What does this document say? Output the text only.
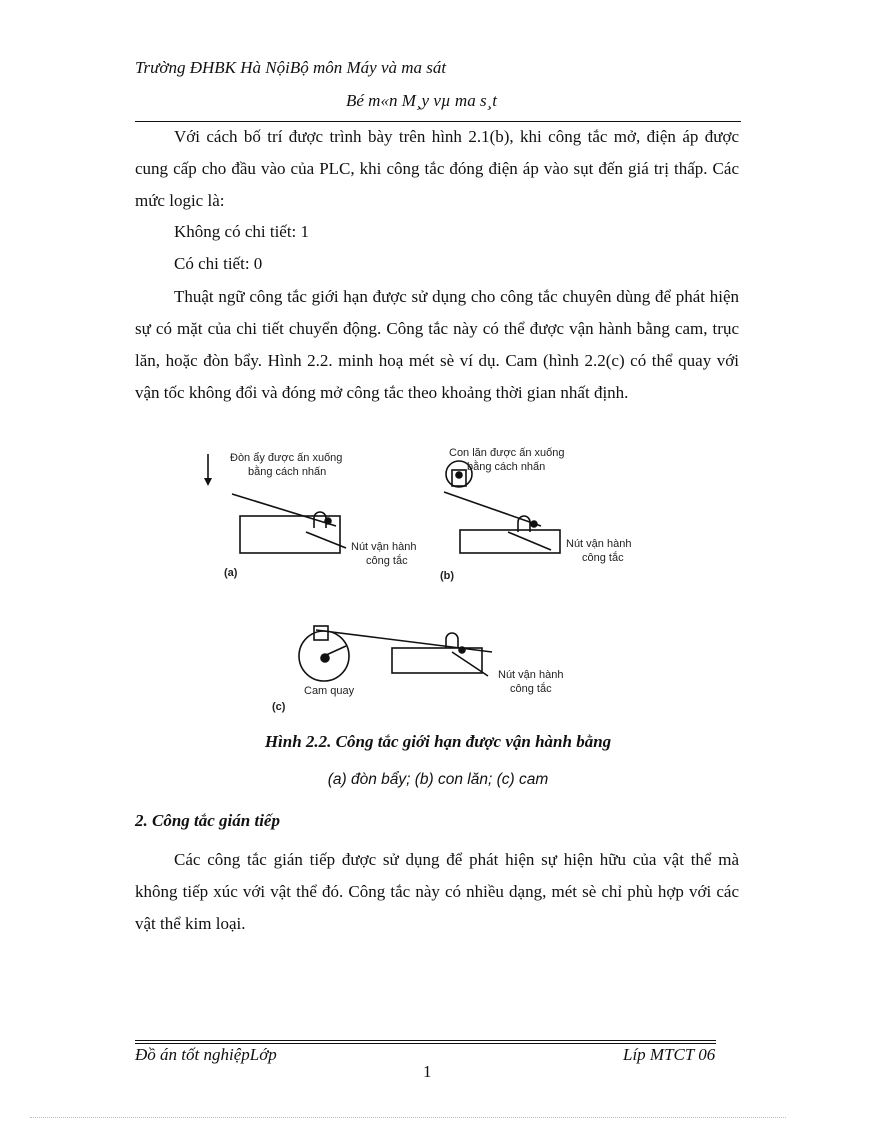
Trường ĐHBK Hà NộiBộ môn Máy và ma sát
Bé m«n M¸y vµ ma s¸t

Với cách bố trí được trình bày trên hình 2.1(b), khi công tắc mở, điện áp được cung cấp cho đầu vào của PLC, khi công tắc đóng điện áp vào sụt đến giá trị thấp. Các mức logic là:

Không có chi tiết: 1
Có chi tiết: 0

Thuật ngữ công tắc giới hạn được sử dụng cho công tắc chuyên dùng để phát hiện sự có mặt của chi tiết chuyển động. Công tắc này có thể được vận hành bằng cam, trục lăn, hoặc đòn bẩy. Hình 2.2. minh hoạ mét sè ví dụ. Cam (hình 2.2(c) có thể quay với vận tốc không đổi và đóng mở công tắc theo khoảng thời gian nhất định.

Đòn ẩy được ấn xuống
bằng cách nhấn
Nút vận hành
công tắc
(a)
Con lăn được ấn xuống
bằng cách nhấn
Nút vận hành
công tắc
(b)
Cam quay
Nút vận hành
công tắc
(c)
Hình 2.2. Công tắc giới hạn được vận hành bằng
(a) đòn bẩy; (b) con lăn; (c) cam
2. Công tắc gián tiếp

Các công tắc gián tiếp được sử dụng để phát hiện sự hiện hữu của vật thể mà không tiếp xúc với vật thể đó. Công tắc này có nhiều dạng, mét sè chỉ phù hợp với các vật thể kim loại.

Đồ án tốt nghiệpLớp	Líp MTCT 06
1
